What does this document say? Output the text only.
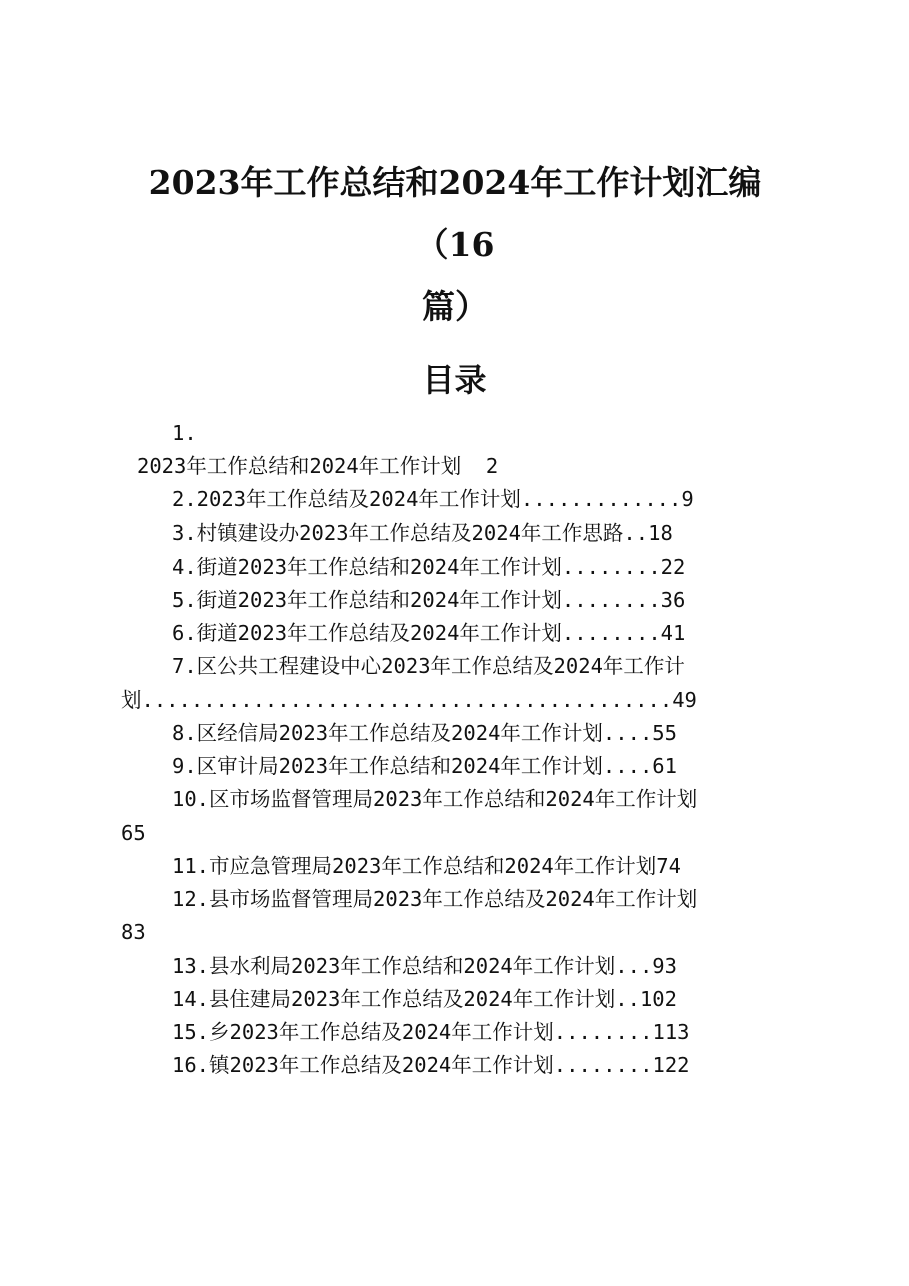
2023年工作总结和2024年工作计划汇编（16
篇）
目录
1.
2023年工作总结和2024年工作计划  2
2.2023年工作总结及2024年工作计划.............9
3.村镇建设办2023年工作总结及2024年工作思路..18
4.街道2023年工作总结和2024年工作计划........22
5.街道2023年工作总结和2024年工作计划........36
6.街道2023年工作总结及2024年工作计划........41
7.区公共工程建设中心2023年工作总结及2024年工作计
划...........................................49
8.区经信局2023年工作总结及2024年工作计划....55
9.区审计局2023年工作总结和2024年工作计划....61
10.区市场监督管理局2023年工作总结和2024年工作计划
65
11.市应急管理局2023年工作总结和2024年工作计划74
12.县市场监督管理局2023年工作总结及2024年工作计划
83
13.县水利局2023年工作总结和2024年工作计划...93
14.县住建局2023年工作总结及2024年工作计划..102
15.乡2023年工作总结及2024年工作计划........113
16.镇2023年工作总结及2024年工作计划........122
